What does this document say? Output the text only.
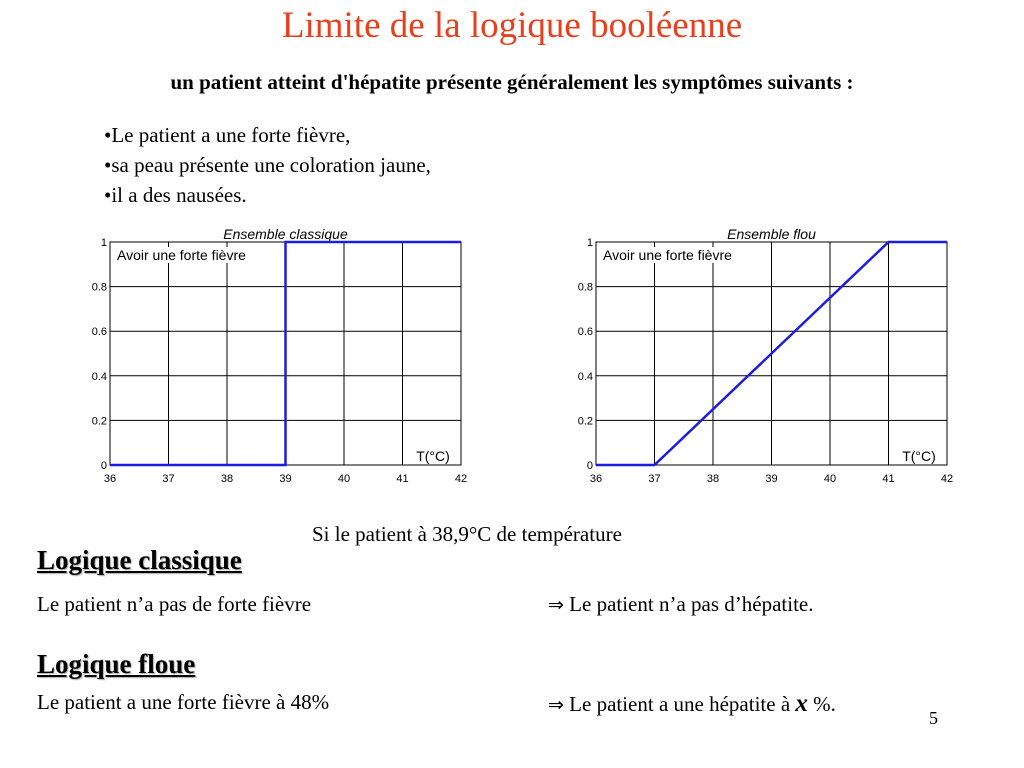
Limite de la logique booléenne
un patient atteint d'hépatite présente généralement les symptômes suivants :
•Le patient a une forte fièvre,
•sa peau présente une coloration jaune,
•il a des nausées.
Ensemble classique
36	37	38	39	40	41	42
0
0.2
0.4
0.6
0.8
1
Avoir une forte fièvre
T(°C)
Ensemble flou
36	37	38	39	40	41	42
0
0.2
0.4
0.6
0.8
1
Avoir une forte fièvre
T(°C)
Si le patient à 38,9°C de température
Logique classique
Le patient n’a pas de forte fièvre	⇒ Le patient n’a pas d’hépatite.
Logique floue
Le patient a une forte fièvre à 48%	⇒ Le patient a une hépatite à x %.
5
